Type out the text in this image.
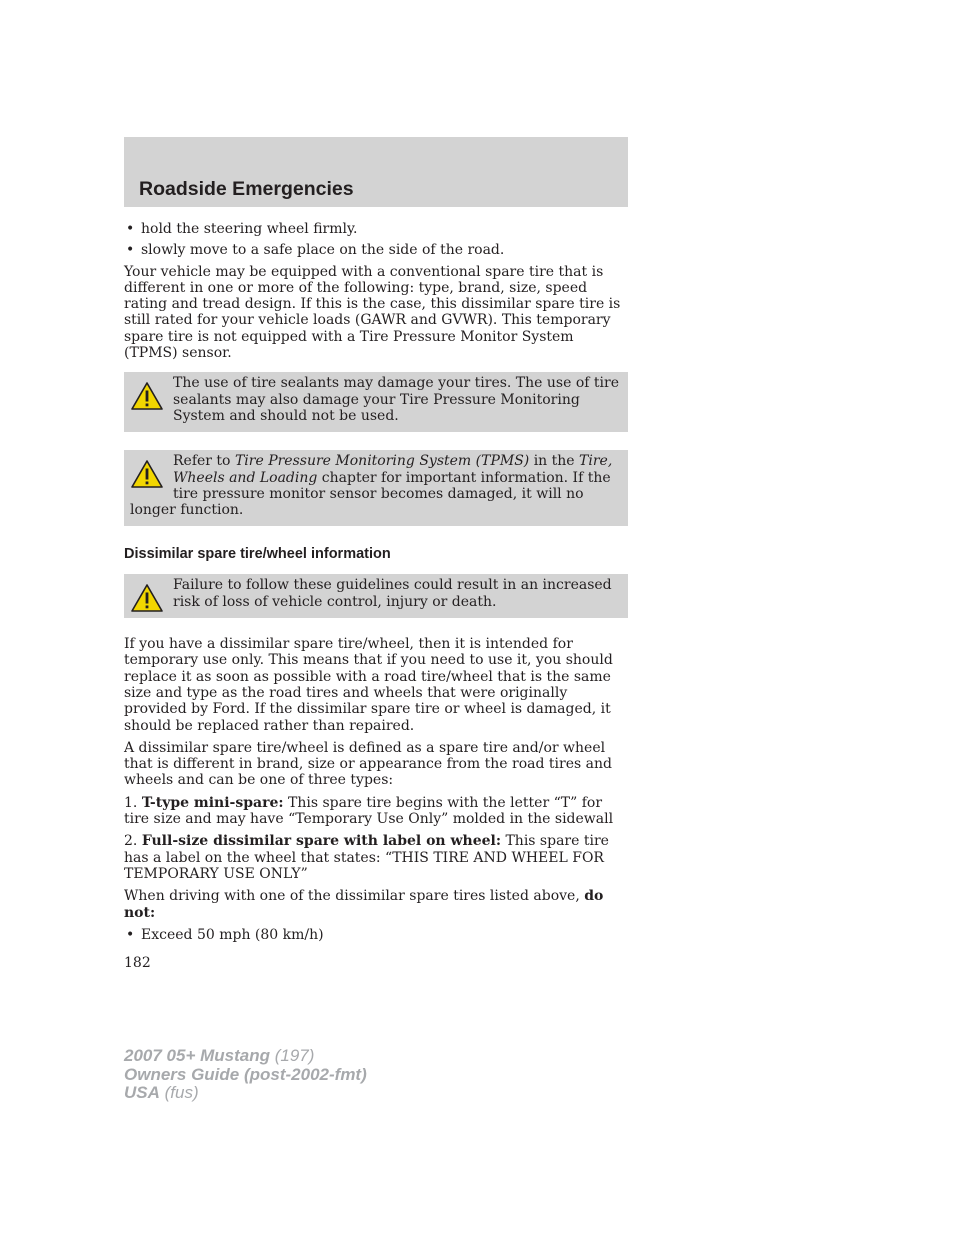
Roadside Emergencies
• hold the steering wheel firmly.
• slowly move to a safe place on the side of the road.

Your vehicle may be equipped with a conventional spare tire that is different in one or more of the following: type, brand, size, speed rating and tread design. If this is the case, this dissimilar spare tire is still rated for your vehicle loads (GAWR and GVWR). This temporary spare tire is not equipped with a Tire Pressure Monitor System (TPMS) sensor.

The use of tire sealants may damage your tires. The use of tire sealants may also damage your Tire Pressure Monitoring System and should not be used.
Refer to Tire Pressure Monitoring System (TPMS) in the Tire, Wheels and Loading chapter for important information. If the tire pressure monitor sensor becomes damaged, it will no longer function.
Dissimilar spare tire/wheel information
Failure to follow these guidelines could result in an increased risk of loss of vehicle control, injury or death.

If you have a dissimilar spare tire/wheel, then it is intended for temporary use only. This means that if you need to use it, you should replace it as soon as possible with a road tire/wheel that is the same size and type as the road tires and wheels that were originally provided by Ford. If the dissimilar spare tire or wheel is damaged, it should be replaced rather than repaired.

A dissimilar spare tire/wheel is defined as a spare tire and/or wheel that is different in brand, size or appearance from the road tires and wheels and can be one of three types:

1. T-type mini-spare: This spare tire begins with the letter “T” for tire size and may have “Temporary Use Only” molded in the sidewall

2. Full-size dissimilar spare with label on wheel: This spare tire has a label on the wheel that states: “THIS TIRE AND WHEEL FOR TEMPORARY USE ONLY”

When driving with one of the dissimilar spare tires listed above, do not:

• Exceed 50 mph (80 km/h)
182
2007 05+ Mustang (197)
Owners Guide (post-2002-fmt)
USA (fus)
